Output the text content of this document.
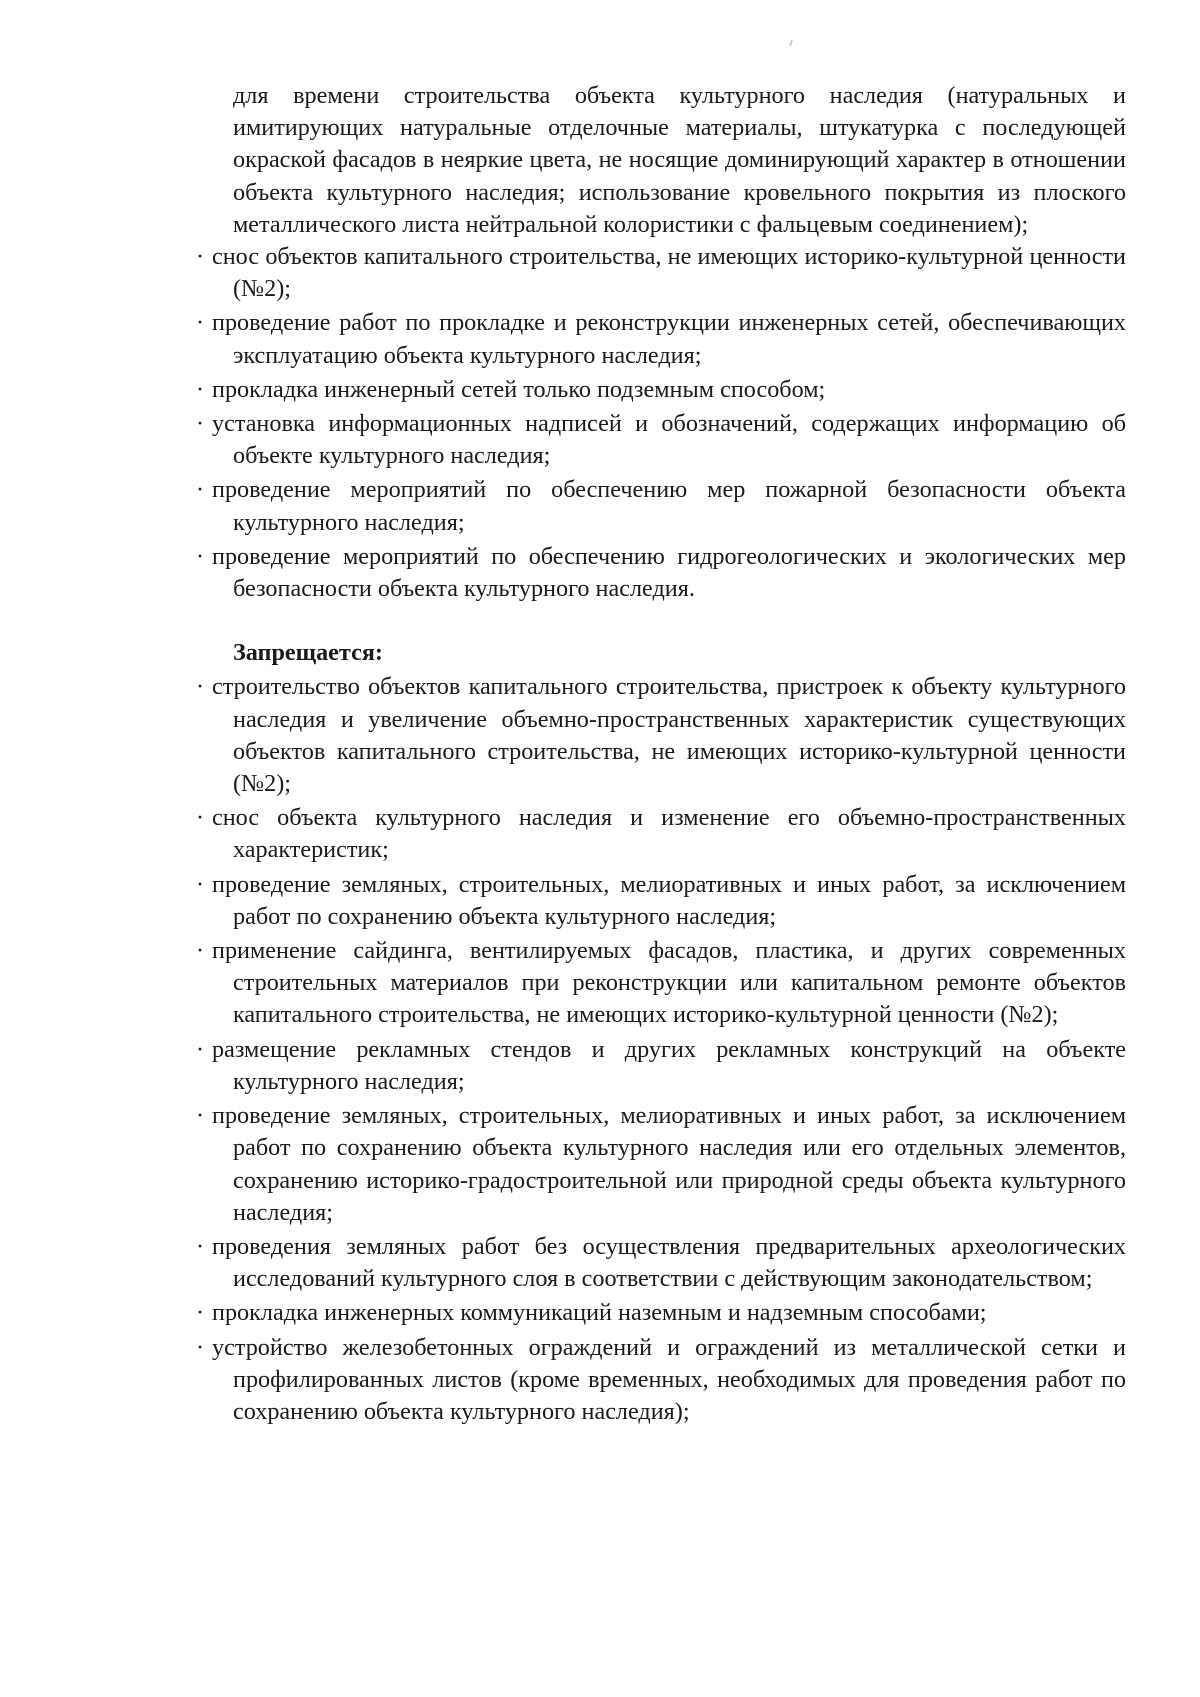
для времени строительства объекта культурного наследия (натуральных и имитирующих натуральные отделочные материалы, штукатурка с последующей окраской фасадов в неяркие цвета, не носящие доминирующий характер в отношении объекта культурного наследия; использование кровельного покрытия из плоского металлического листа нейтральной колористики с фальцевым соединением);

· снос объектов капитального строительства, не имеющих историко-культурной ценности (№2);
· проведение работ по прокладке и реконструкции инженерных сетей, обеспечивающих эксплуатацию объекта культурного наследия;
· прокладка инженерный сетей только подземным способом;
· установка информационных надписей и обозначений, содержащих информацию об объекте культурного наследия;
· проведение мероприятий по обеспечению мер пожарной безопасности объекта культурного наследия;
· проведение мероприятий по обеспечению гидрогеологических и экологических мер безопасности объекта культурного наследия.
Запрещается:
· строительство объектов капитального строительства, пристроек к объекту культурного наследия и увеличение объемно-пространственных характеристик существующих объектов капитального строительства, не имеющих историко-культурной ценности (№2);
· снос объекта культурного наследия и изменение его объемно-пространственных характеристик;
· проведение земляных, строительных, мелиоративных и иных работ, за исключением работ по сохранению объекта культурного наследия;
· применение сайдинга, вентилируемых фасадов, пластика, и других современных строительных материалов при реконструкции или капитальном ремонте объектов капитального строительства, не имеющих историко-культурной ценности (№2);
· размещение рекламных стендов и других рекламных конструкций на объекте культурного наследия;
· проведение земляных, строительных, мелиоративных и иных работ, за исключением работ по сохранению объекта культурного наследия или его отдельных элементов, сохранению историко-градостроительной или природной среды объекта культурного наследия;
· проведения земляных работ без осуществления предварительных археологических исследований культурного слоя в соответствии с действующим законодательством;
· прокладка инженерных коммуникаций наземным и надземным способами;
· устройство железобетонных ограждений и ограждений из металлической сетки и профилированных листов (кроме временных, необходимых для проведения работ по сохранению объекта культурного наследия);
